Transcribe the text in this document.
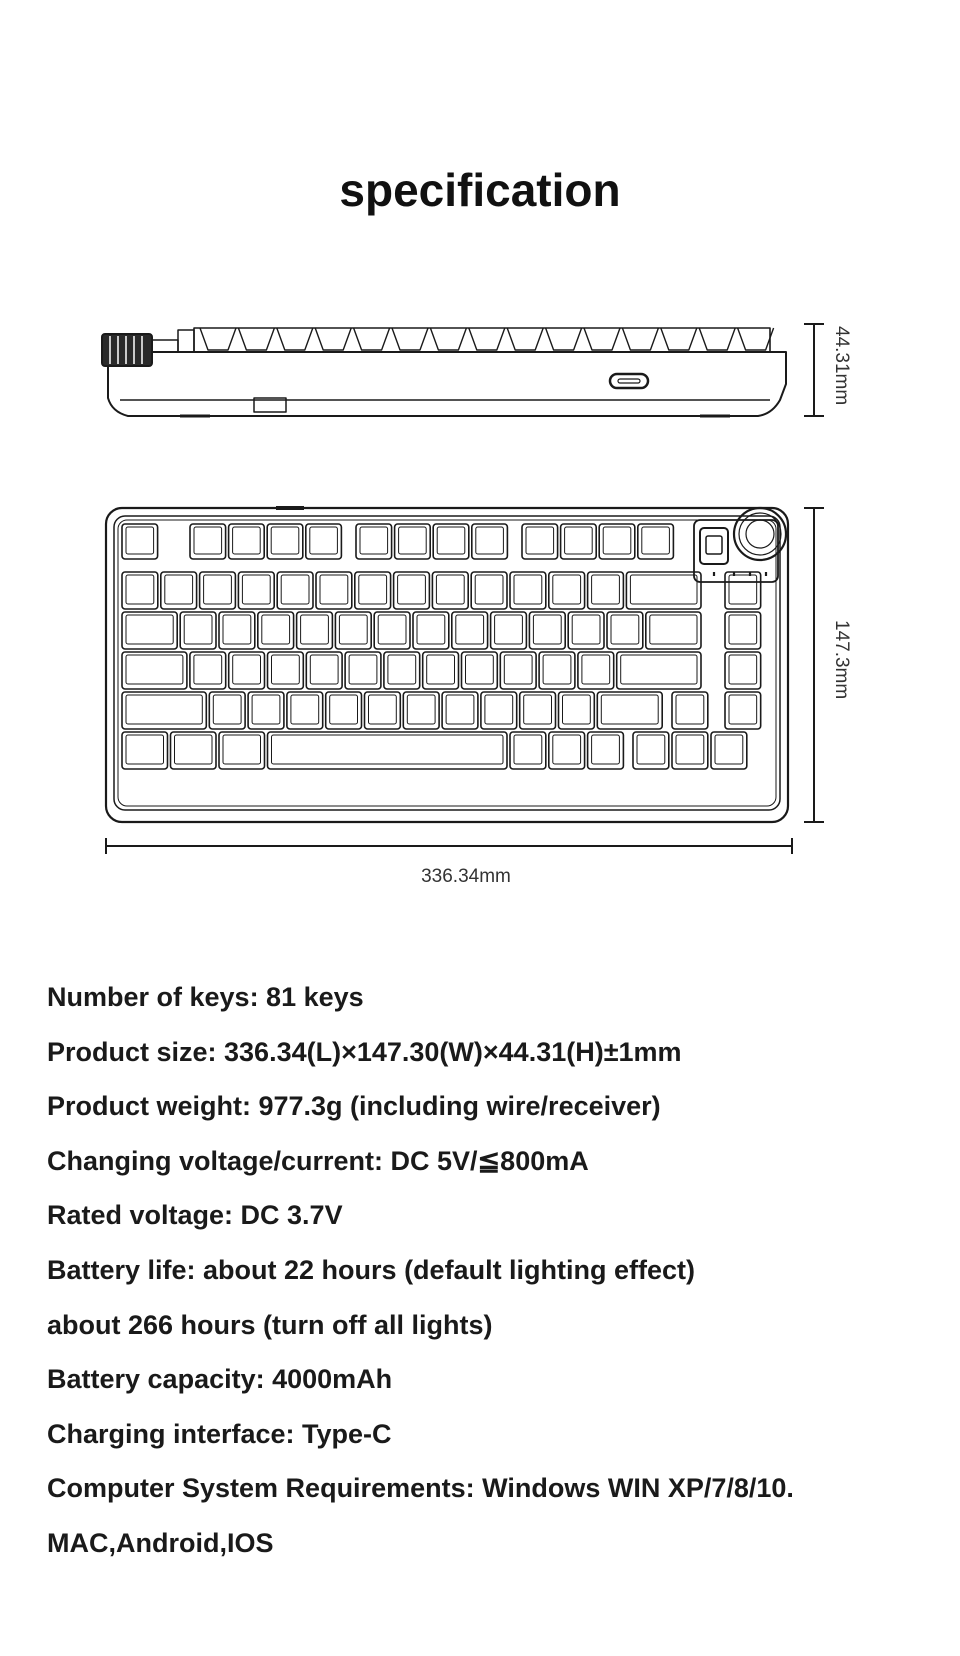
specification
44.31mm
147.3mm
336.34mm
Number of keys: 81 keys
Product size: 336.34(L)×147.30(W)×44.31(H)±1mm
Product weight: 977.3g (including wire/receiver)
Changing voltage/current: DC 5V/≦800mA
Rated voltage: DC 3.7V
Battery life: about 22 hours (default lighting effect)
about 266 hours (turn off all lights)
Battery capacity: 4000mAh
Charging interface: Type-C
Computer System Requirements: Windows WIN XP/7/8/10.
MAC,Android,IOS
